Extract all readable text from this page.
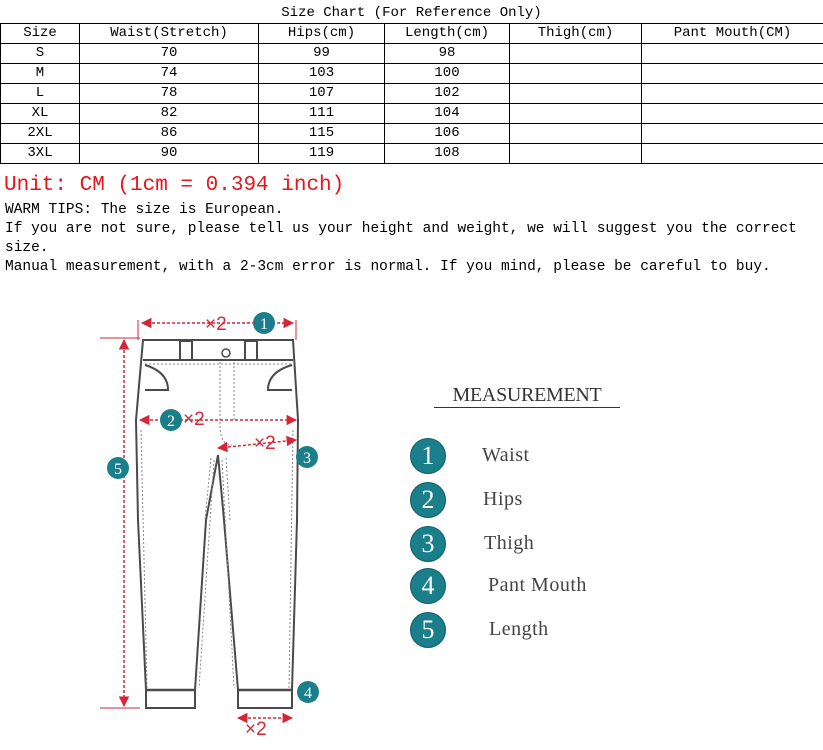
Size Chart (For Reference Only)
Size	Waist(Stretch)	Hips(cm)	Length(cm)	Thigh(cm)	Pant Mouth(CM)
S	70	99	98		
M	74	103	100		
L	78	107	102		
XL	82	111	104		
2XL	86	115	106		
3XL	90	119	108		
Unit: CM (1cm = 0.394 inch)

WARM TIPS: The size is European.

If you are not sure, please tell us your height and weight, we will suggest you the correct size.

Manual measurement, with a 2-3cm error is normal. If you mind, please be careful to buy.

×2
×2
×2
×2
1
2
3
4
5
MEASUREMENT
1	Waist
2	Hips
3	Thigh
4	Pant Mouth
5	Length
